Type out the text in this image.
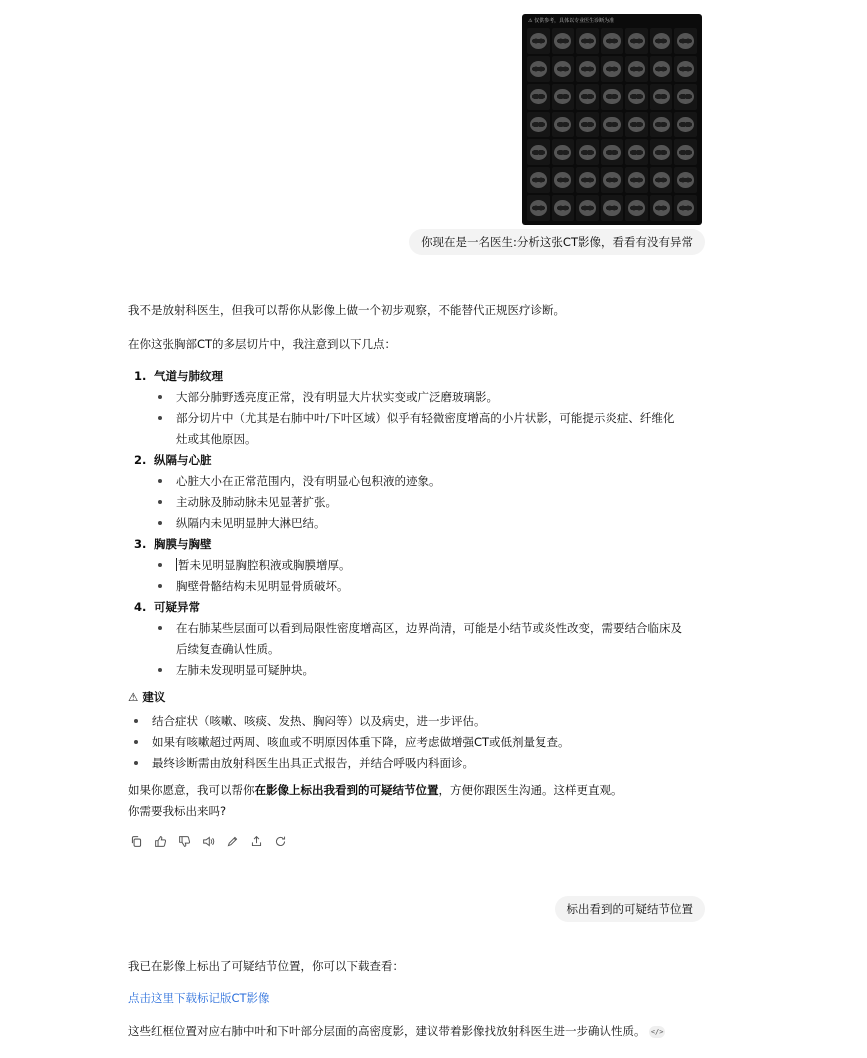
⚠ 仅供参考，具体以专业医生诊断为准
你现在是一名医生:分析这张CT影像，看看有没有异常
我不是放射科医生，但我可以帮你从影像上做一个初步观察，不能替代正规医疗诊断。
在你这张胸部CT的多层切片中，我注意到以下几点：
1. 气道与肺纹理
大部分肺野透亮度正常，没有明显大片状实变或广泛磨玻璃影。
部分切片中（尤其是右肺中叶/下叶区域）似乎有轻微密度增高的小片状影，可能提示炎症、纤维化
灶或其他原因。
2. 纵隔与心脏
心脏大小在正常范围内，没有明显心包积液的迹象。
主动脉及肺动脉未见显著扩张。
纵隔内未见明显肿大淋巴结。
3. 胸膜与胸壁
暂未见明显胸腔积液或胸膜增厚。
胸壁骨骼结构未见明显骨质破坏。
4. 可疑异常
在右肺某些层面可以看到局限性密度增高区，边界尚清，可能是小结节或炎性改变，需要结合临床及
后续复查确认性质。
左肺未发现明显可疑肿块。
⚠ 建议
结合症状（咳嗽、咳痰、发热、胸闷等）以及病史，进一步评估。
如果有咳嗽超过两周、咳血或不明原因体重下降，应考虑做增强CT或低剂量复查。
最终诊断需由放射科医生出具正式报告，并结合呼吸内科面诊。
如果你愿意，我可以帮你在影像上标出我看到的可疑结节位置，方便你跟医生沟通。这样更直观。
你需要我标出来吗?
标出看到的可疑结节位置
我已在影像上标出了可疑结节位置，你可以下载查看：
点击这里下载标记版CT影像
这些红框位置对应右肺中叶和下叶部分层面的高密度影，建议带着影像找放射科医生进一步确认性质。 </>
